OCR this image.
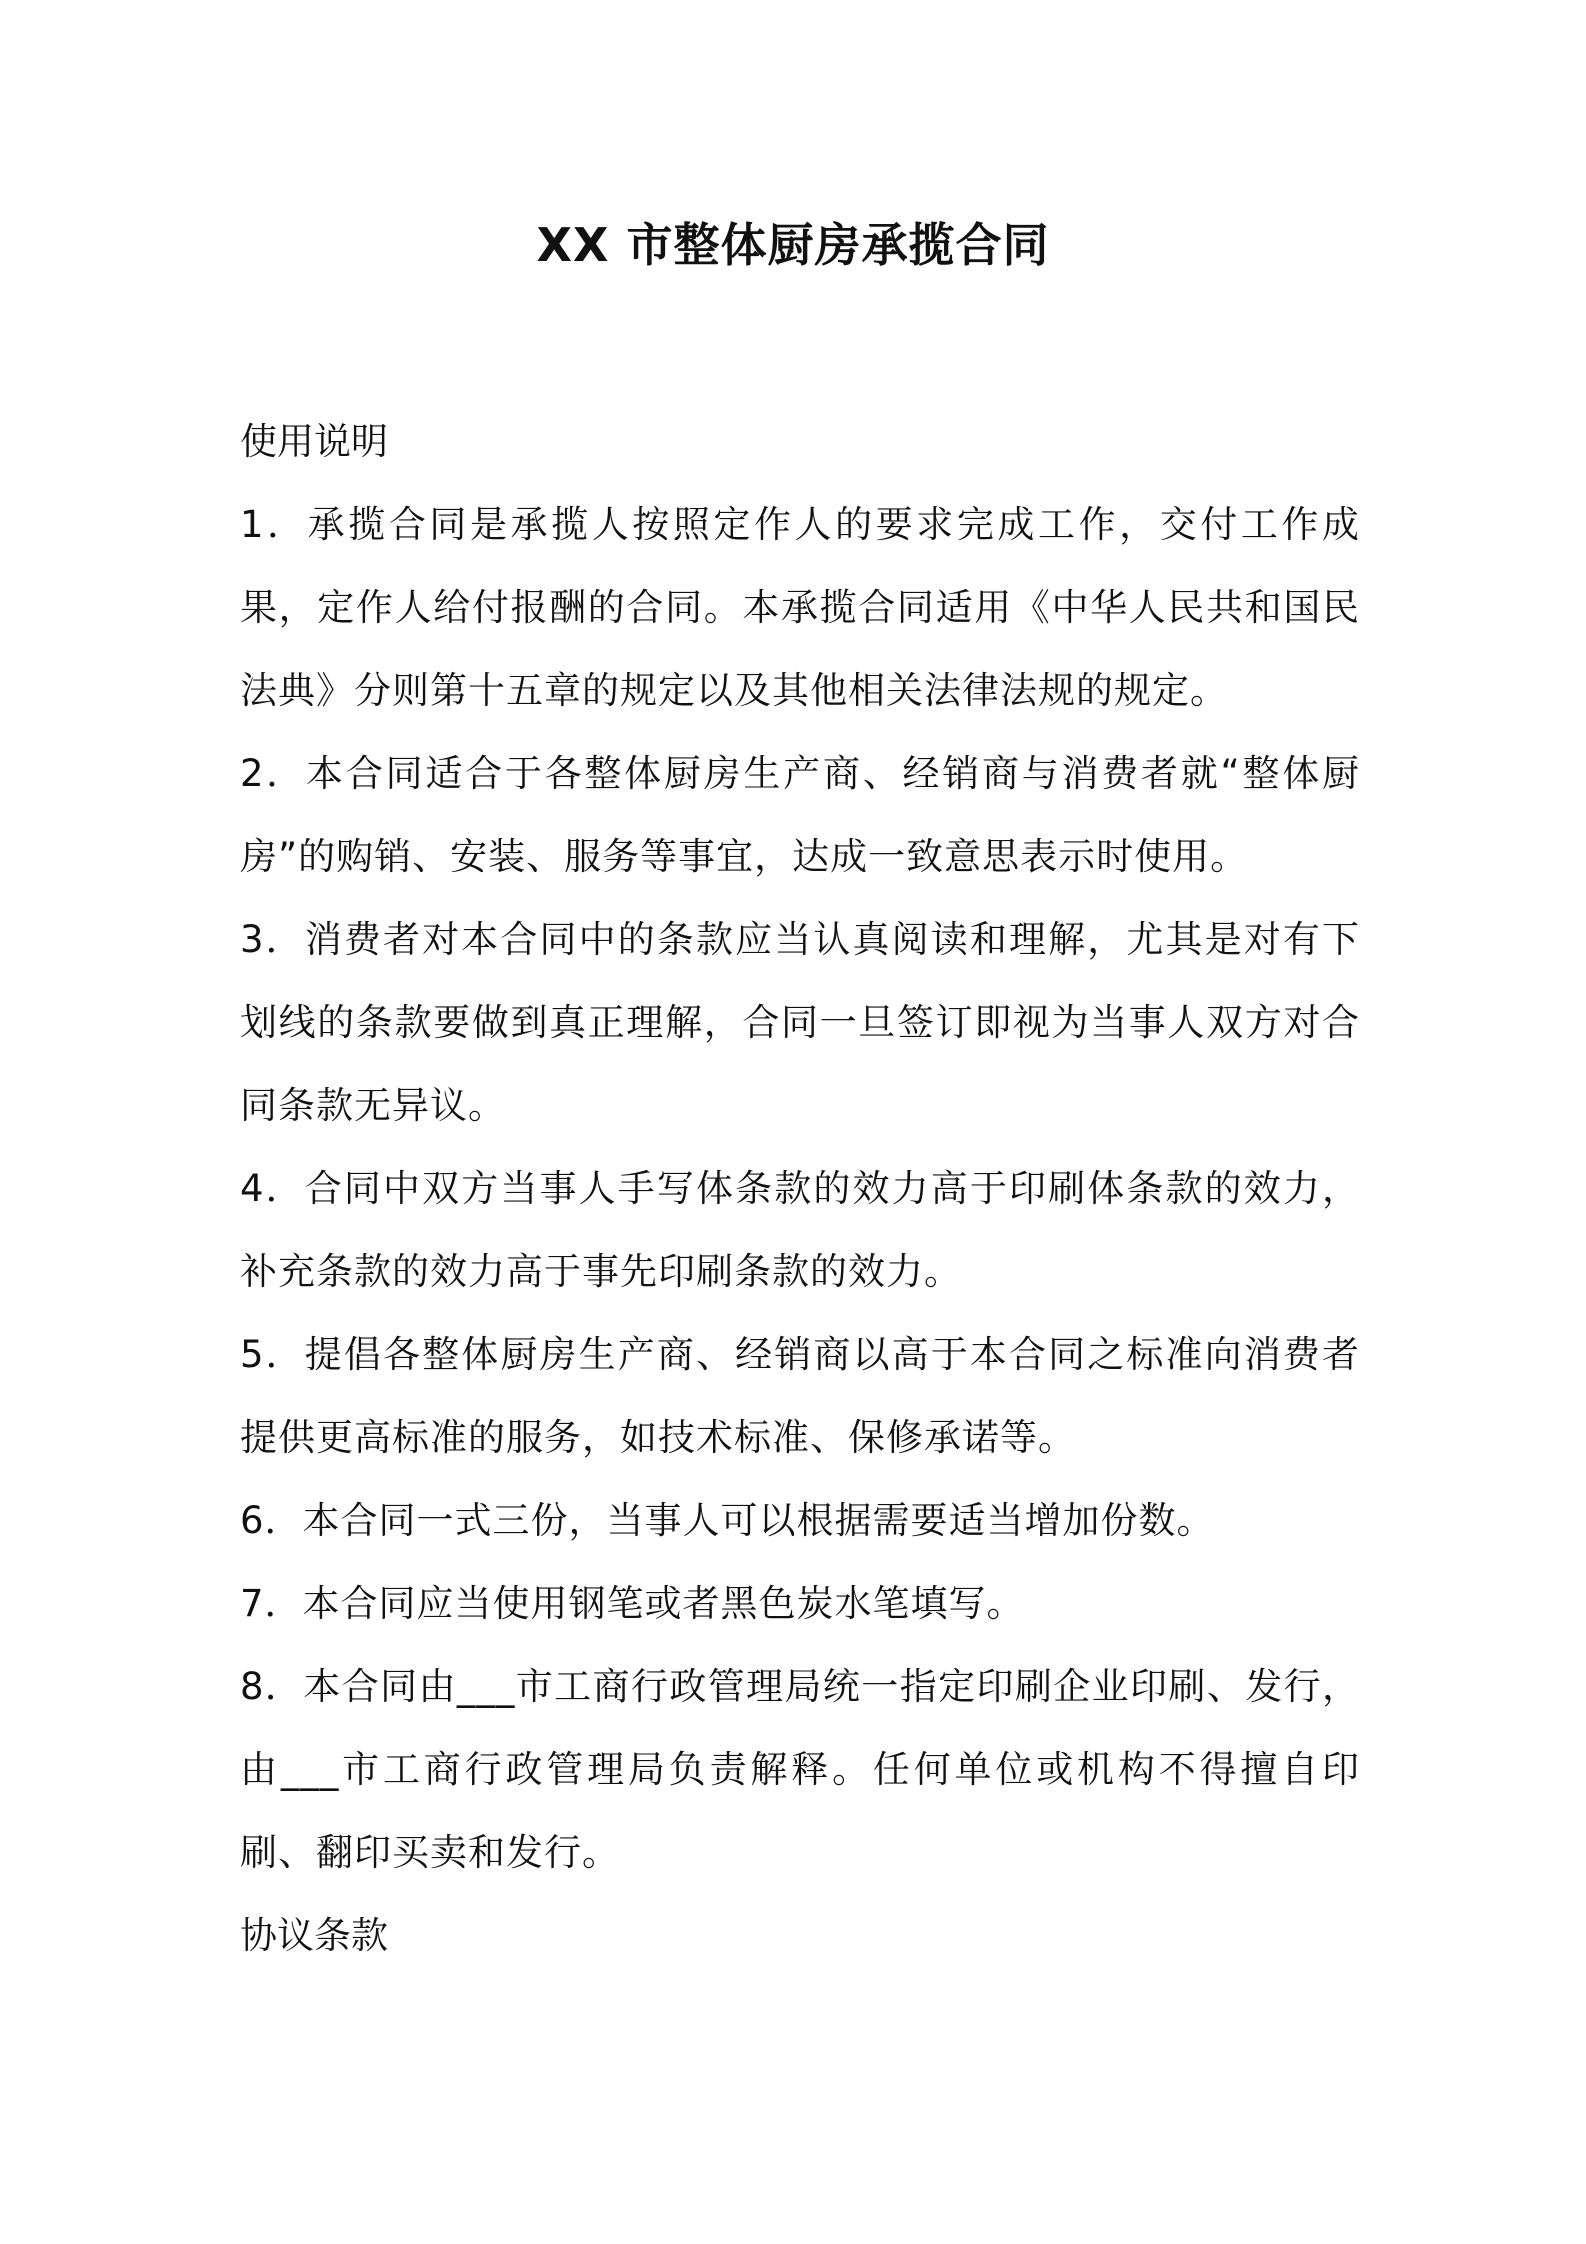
XX 市整体厨房承揽合同

使用说明

1．承揽合同是承揽人按照定作人的要求完成工作，交付工作成果，定作人给付报酬的合同。本承揽合同适用《中华人民共和国民法典》分则第十五章的规定以及其他相关法律法规的规定。

2．本合同适合于各整体厨房生产商、经销商与消费者就“整体厨房”的购销、安装、服务等事宜，达成一致意思表示时使用。

3．消费者对本合同中的条款应当认真阅读和理解，尤其是对有下划线的条款要做到真正理解，合同一旦签订即视为当事人双方对合同条款无异议。

4．合同中双方当事人手写体条款的效力高于印刷体条款的效力，补充条款的效力高于事先印刷条款的效力。

5．提倡各整体厨房生产商、经销商以高于本合同之标准向消费者提供更高标准的服务，如技术标准、保修承诺等。

6．本合同一式三份，当事人可以根据需要适当增加份数。

7．本合同应当使用钢笔或者黑色炭水笔填写。

8．本合同由___市工商行政管理局统一指定印刷企业印刷、发行，由___市工商行政管理局负责解释。任何单位或机构不得擅自印刷、翻印买卖和发行。

协议条款
